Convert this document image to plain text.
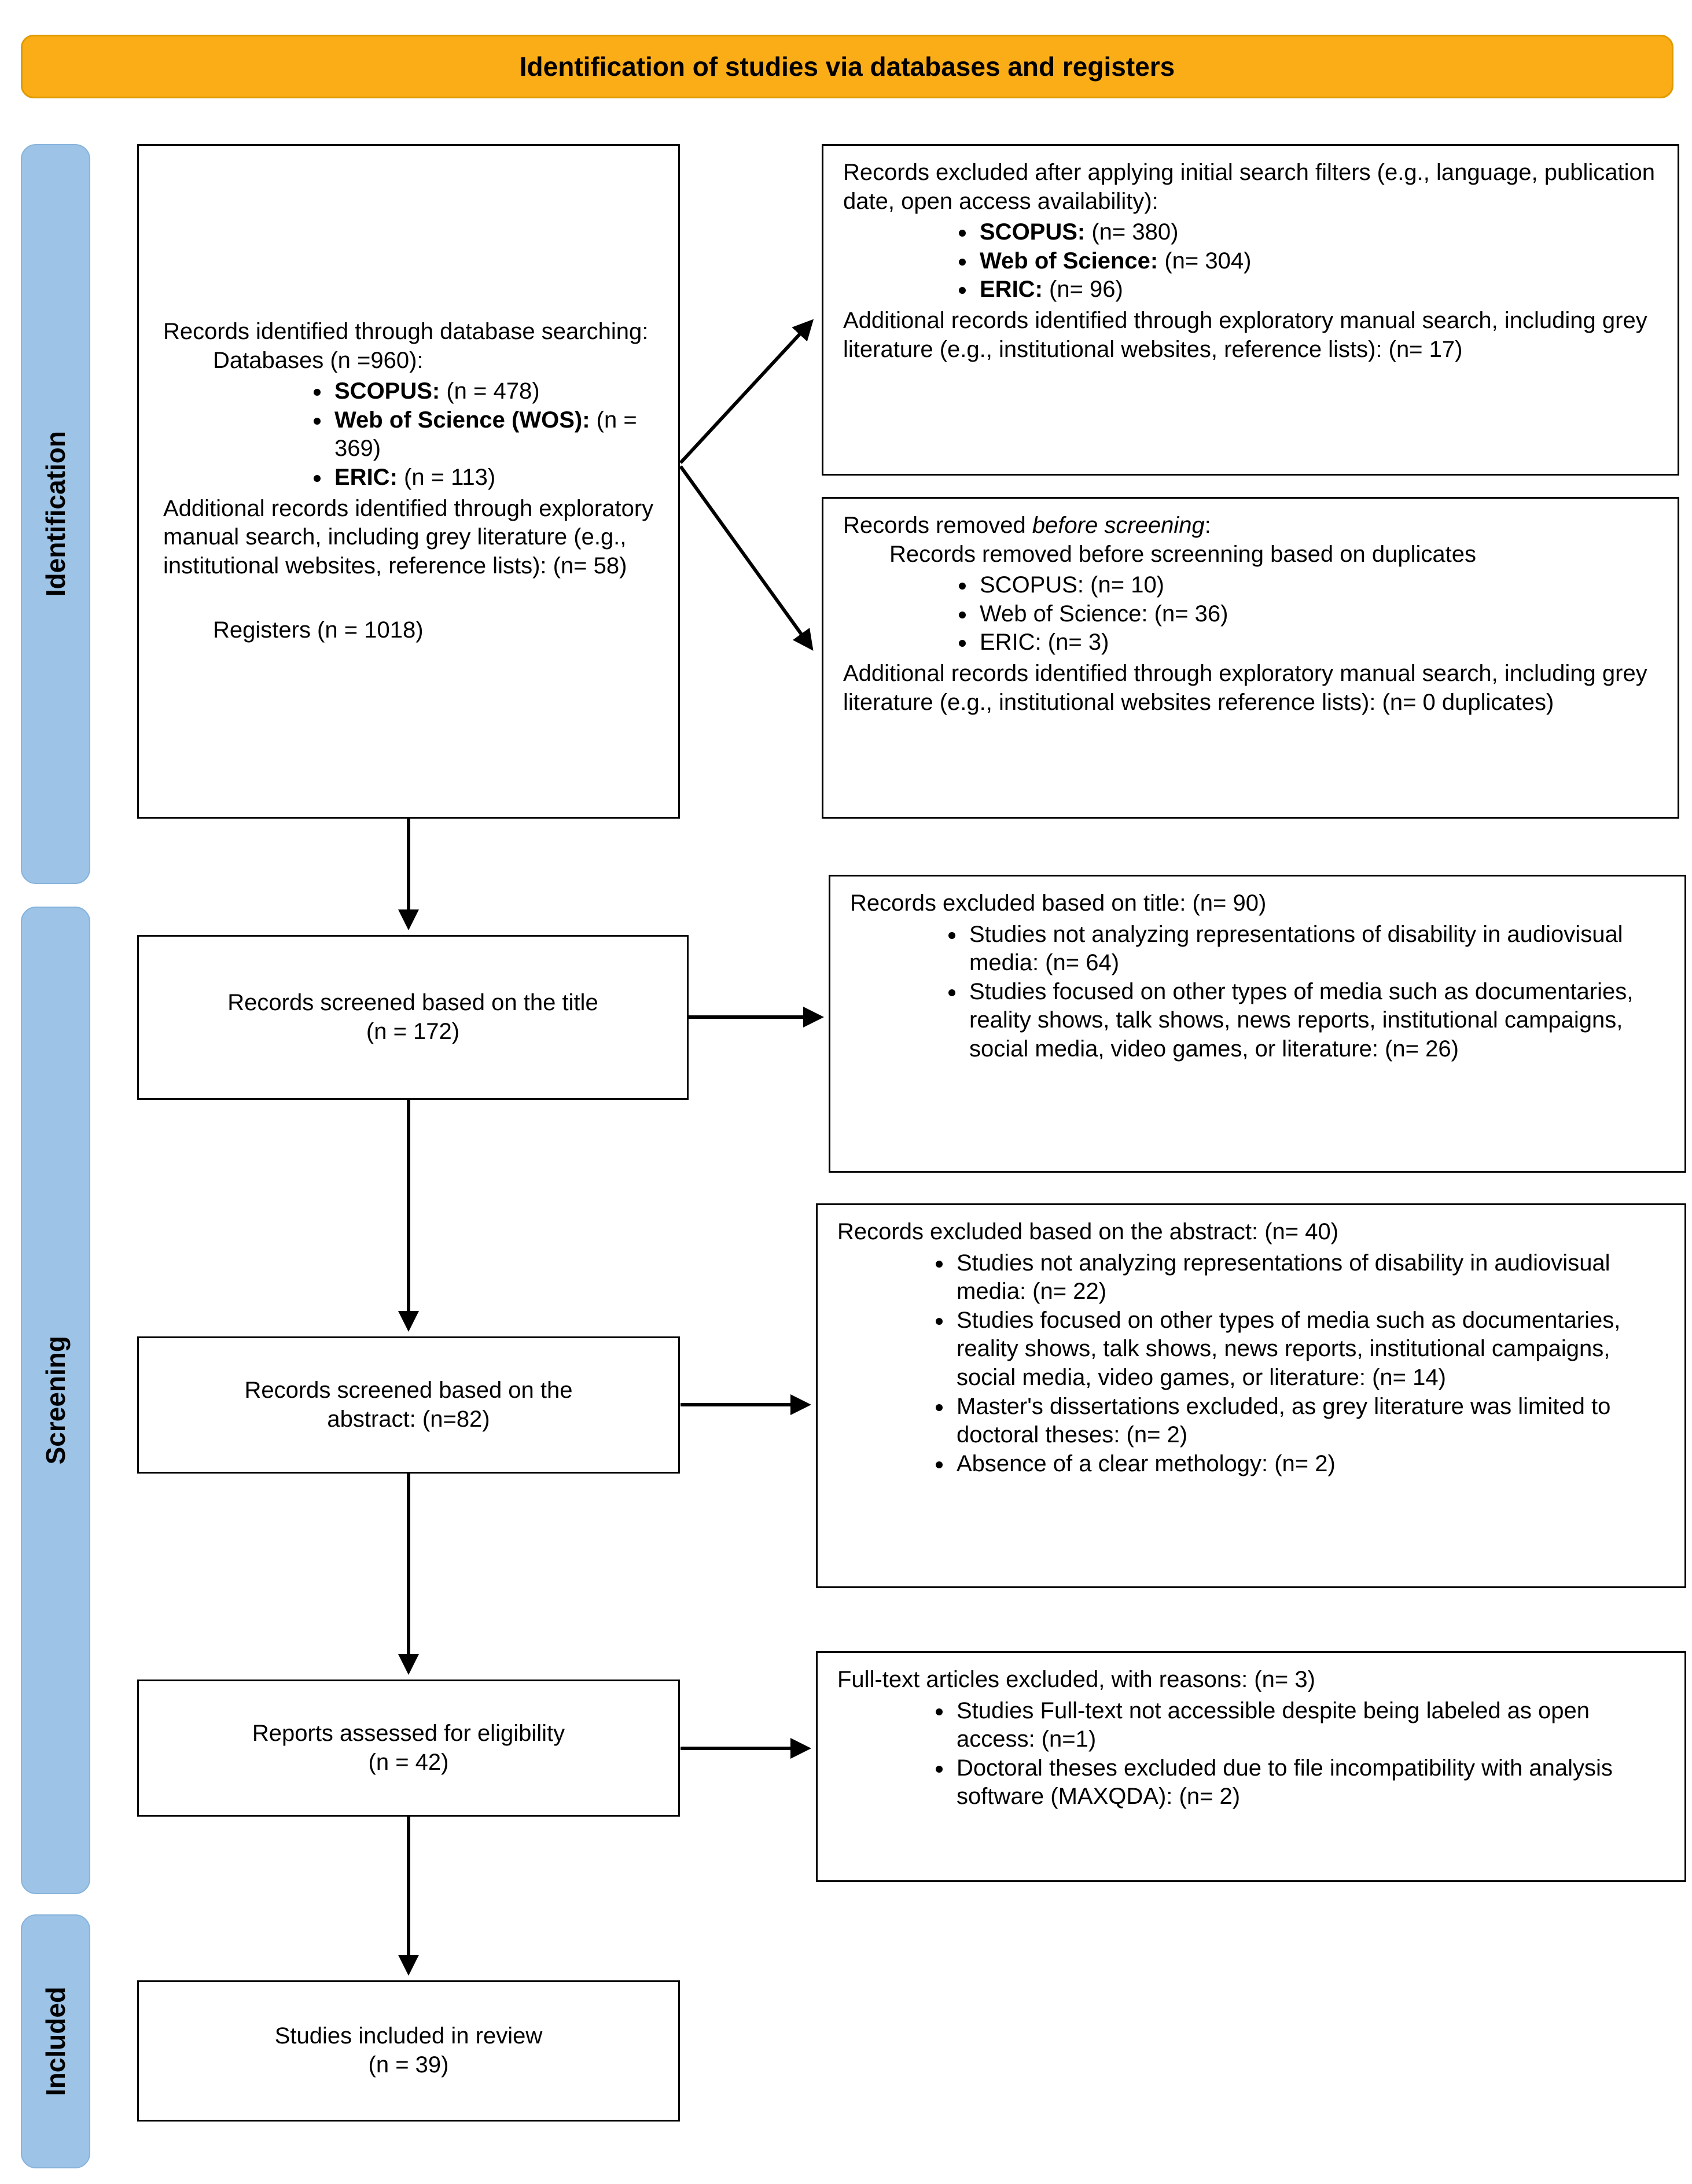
Identification of studies via databases and registers
Identification
Screening
Included

Records identified through database searching:

Databases (n =960):

• SCOPUS: (n = 478)
• Web of Science (WOS): (n = 369)
• ERIC: (n = 113)

Additional records identified through exploratory manual search, including grey literature (e.g., institutional websites, reference lists): (n= 58)

Registers (n = 1018)

Records excluded after applying initial search filters (e.g., language, publication date, open access availability):

• SCOPUS: (n= 380)
• Web of Science: (n= 304)
• ERIC: (n= 96)

Additional records identified through exploratory manual search, including grey literature (e.g., institutional websites, reference lists): (n= 17)

Records removed before screening:

Records removed before screenning based on duplicates

• SCOPUS: (n= 10)
• Web of Science: (n= 36)
• ERIC: (n= 3)

Additional records identified through exploratory manual search, including grey literature (e.g., institutional websites reference lists): (n= 0 duplicates)

Records screened based on the title

(n = 172)

Records excluded based on title: (n= 90)

• Studies not analyzing representations of disability in audiovisual media: (n= 64)
• Studies focused on other types of media such as documentaries, reality shows, talk shows, news reports, institutional campaigns, social media, video games, or literature: (n= 26)

Records screened based on the

abstract: (n=82)

Records excluded based on the abstract: (n= 40)

• Studies not analyzing representations of disability in audiovisual media: (n= 22)
• Studies focused on other types of media such as documentaries, reality shows, talk shows, news reports, institutional campaigns, social media, video games, or literature: (n= 14)
• Master's dissertations excluded, as grey literature was limited to doctoral theses: (n= 2)
• Absence of a clear methology: (n= 2)

Reports assessed for eligibility

(n = 42)

Full-text articles excluded, with reasons: (n= 3)

• Studies Full-text not accessible despite being labeled as open access: (n=1)
• Doctoral theses excluded due to file incompatibility with analysis software (MAXQDA): (n= 2)

Studies included in review

(n = 39)
